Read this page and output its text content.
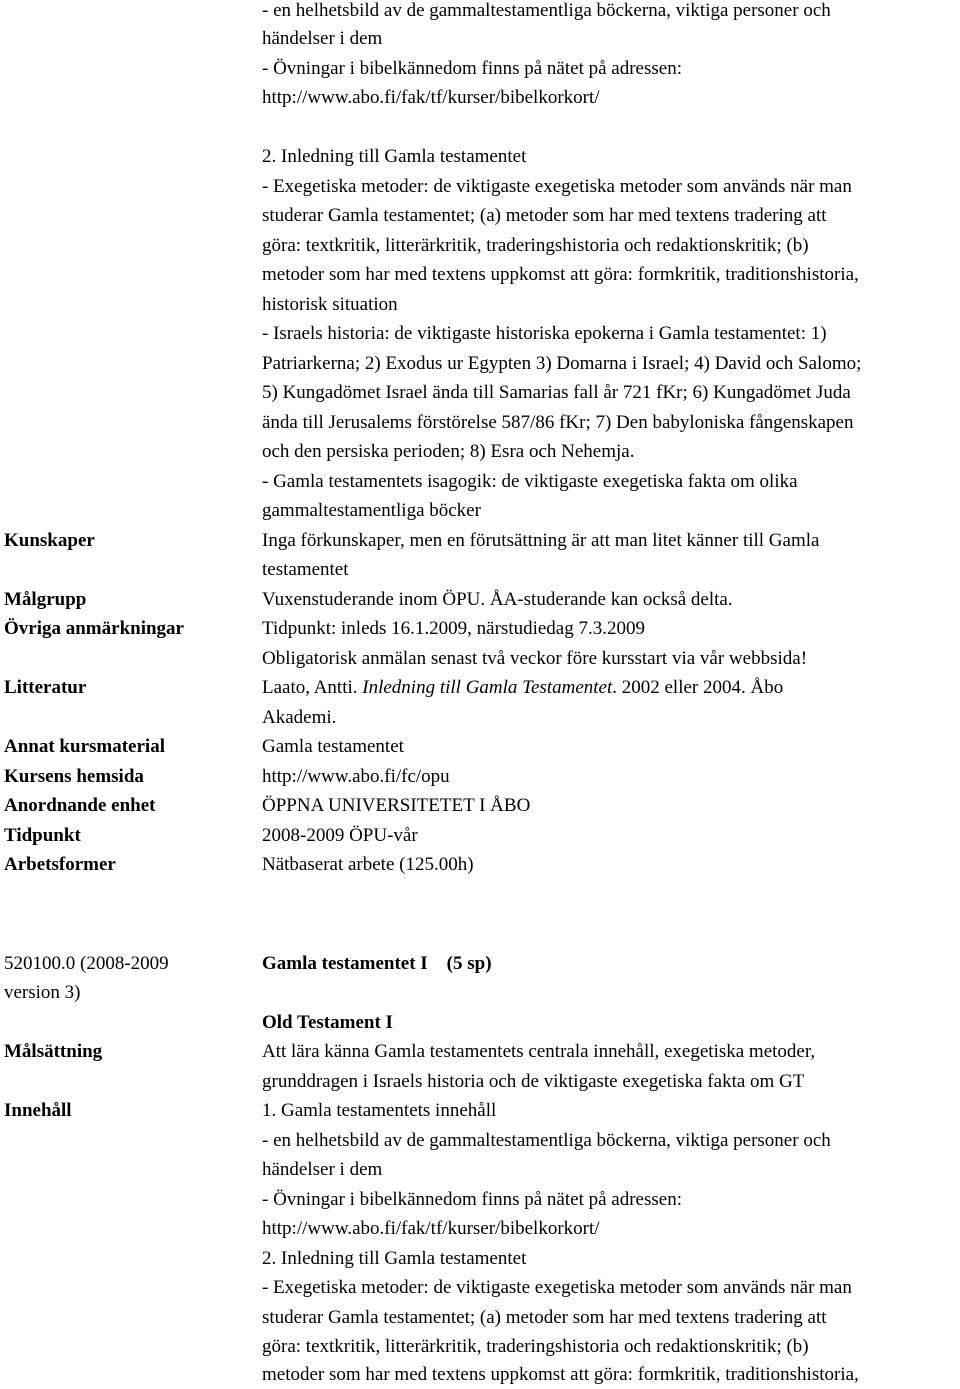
- en helhetsbild av de gammaltestamentliga böckerna, viktiga personer och
händelser i dem
- Övningar i bibelkännedom finns på nätet på adressen:
http://www.abo.fi/fak/tf/kurser/bibelkorkort/
2. Inledning till Gamla testamentet
- Exegetiska metoder: de viktigaste exegetiska metoder som används när man
studerar Gamla testamentet; (a) metoder som har med textens tradering att
göra: textkritik, litterärkritik, traderingshistoria och redaktionskritik; (b)
metoder som har med textens uppkomst att göra: formkritik, traditionshistoria,
historisk situation
- Israels historia: de viktigaste historiska epokerna i Gamla testamentet: 1)
Patriarkerna; 2) Exodus ur Egypten 3) Domarna i Israel; 4) David och Salomo;
5) Kungadömet Israel ända till Samarias fall år 721 fKr; 6) Kungadömet Juda
ända till Jerusalems förstörelse 587/86 fKr; 7) Den babyloniska fångenskapen
och den persiska perioden; 8) Esra och Nehemja.
- Gamla testamentets isagogik: de viktigaste exegetiska fakta om olika
gammaltestamentliga böcker
Kunskaper	Inga förkunskaper, men en förutsättning är att man litet känner till Gamla
testamentet
Målgrupp	Vuxenstuderande inom ÖPU. ÅA-studerande kan också delta.
Övriga anmärkningar	Tidpunkt: inleds 16.1.2009, närstudiedag 7.3.2009
Obligatorisk anmälan senast två veckor före kursstart via vår webbsida!
Litteratur	Laato, Antti. Inledning till Gamla Testamentet. 2002 eller 2004. Åbo
Akademi.
Annat kursmaterial	Gamla testamentet
Kursens hemsida	http://www.abo.fi/fc/opu
Anordnande enhet	ÖPPNA UNIVERSITETET I ÅBO
Tidpunkt	2008-2009 ÖPU-vår
Arbetsformer	Nätbaserat arbete (125.00h)
520100.0 (2008-2009
version 3)
Gamla testamentet I    (5 sp)
Old Testament I
Målsättning	Att lära känna Gamla testamentets centrala innehåll, exegetiska metoder,
grunddragen i Israels historia och de viktigaste exegetiska fakta om GT
Innehåll	1. Gamla testamentets innehåll
- en helhetsbild av de gammaltestamentliga böckerna, viktiga personer och
händelser i dem
- Övningar i bibelkännedom finns på nätet på adressen:
http://www.abo.fi/fak/tf/kurser/bibelkorkort/
2. Inledning till Gamla testamentet
- Exegetiska metoder: de viktigaste exegetiska metoder som används när man
studerar Gamla testamentet; (a) metoder som har med textens tradering att
göra: textkritik, litterärkritik, traderingshistoria och redaktionskritik; (b)
metoder som har med textens uppkomst att göra: formkritik, traditionshistoria,
